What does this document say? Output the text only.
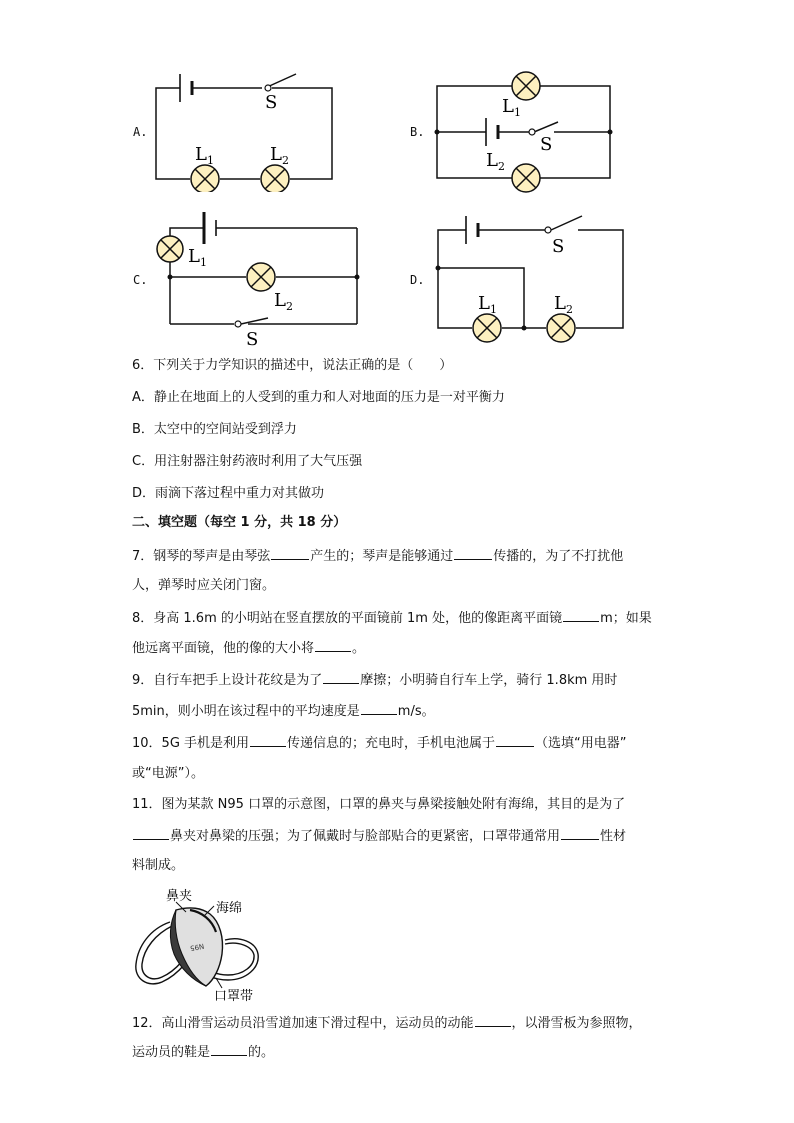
A.
S
$L_1$	$L_2$
B.
S
$L_1$
$L_2$
C.
S
$L_1$
$L_2$
D.
S
$L_1$	$L_2$
6．下列关于力学知识的描述中，说法正确的是（　　）
A．静止在地面上的人受到的重力和人对地面的压力是一对平衡力
B．太空中的空间站受到浮力
C．用注射器注射药液时利用了大气压强
D．雨滴下落过程中重力对其做功
二、填空题（每空 1 分，共 18 分）
7．钢琴的琴声是由琴弦	产生的；琴声是能够通过	传播的，为了不打扰他
人，弹琴时应关闭门窗。
8．身高 1.6m 的小明站在竖直摆放的平面镜前 1m 处，他的像距离平面镜	m；如果
他远离平面镜，他的像的大小将	。
9．自行车把手上设计花纹是为了	摩擦；小明骑自行车上学，骑行 1.8km 用时
5min，则小明在该过程中的平均速度是	m/s。
10．5G 手机是利用	传递信息的；充电时，手机电池属于	（选填“用电器”
或“电源”）。
11．图为某款 N95 口罩的示意图，口罩的鼻夹与鼻梁接触处附有海绵，其目的是为了
鼻夹对鼻梁的压强；为了佩戴时与脸部贴合的更紧密，口罩带通常用	性材
料制成。
N95
鼻夹
海绵
口罩带
12．高山滑雪运动员沿雪道加速下滑过程中，运动员的动能	，以滑雪板为参照物，
运动员的鞋是	的。
